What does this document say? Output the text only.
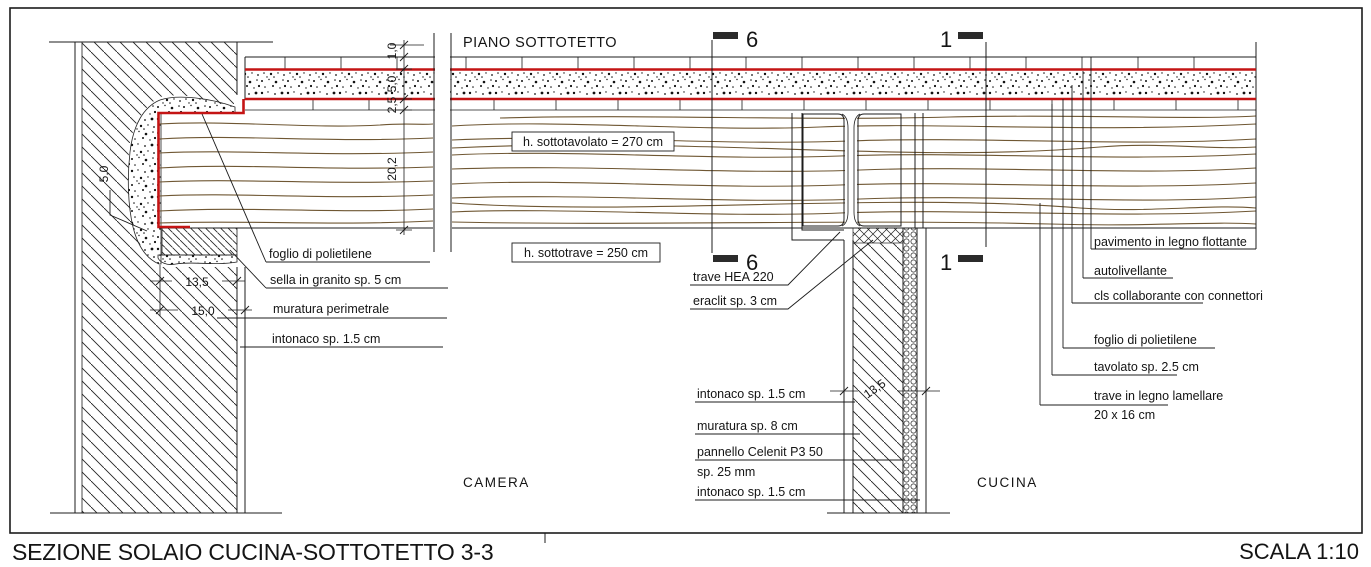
6
6
1
1
1,0
5,0
2,5
20,2
5,0
13,5
15,0
foglio di polietilene
sella in granito sp. 5 cm
muratura perimetrale
intonaco sp. 1.5 cm
trave HEA 220
eraclit sp. 3 cm
intonaco sp. 1.5 cm
muratura sp. 8 cm
pannello Celenit P3 50
sp. 25 mm
intonaco sp. 1.5 cm
13,5
pavimento in legno flottante
autolivellante
cls collaborante con connettori
foglio di polietilene
tavolato sp. 2.5 cm
trave in legno lamellare
20 x 16 cm
h. sottotavolato = 270 cm
h. sottotrave = 250 cm
PIANO SOTTOTETTO
CAMERA	CUCINA
SEZIONE SOLAIO CUCINA-SOTTOTETTO 3-3	SCALA 1:10
